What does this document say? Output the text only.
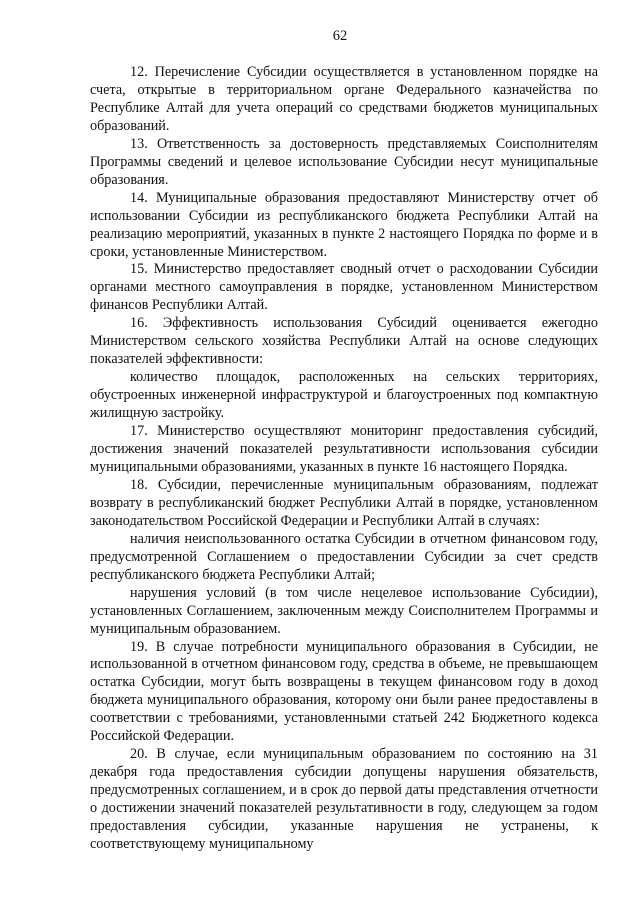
62

12. Перечисление Субсидии осуществляется в установленном порядке на счета, открытые в территориальном органе Федерального казначейства по Республике Алтай для учета операций со средствами бюджетов муниципальных образований.

13. Ответственность за достоверность представляемых Соисполнителям Программы сведений и целевое использование Субсидии несут муниципальные образования.

14. Муниципальные образования предоставляют Министерству отчет об использовании Субсидии из республиканского бюджета Республики Алтай на реализацию мероприятий, указанных в пункте 2 настоящего Порядка по форме и в сроки, установленные Министерством.

15. Министерство предоставляет сводный отчет о расходовании Субсидии органами местного самоуправления в порядке, установленном Министерством финансов Республики Алтай.

16. Эффективность использования Субсидий оценивается ежегодно Министерством сельского хозяйства Республики Алтай на основе следующих показателей эффективности:

количество площадок, расположенных на сельских территориях, обустроенных инженерной инфраструктурой и благоустроенных под компактную жилищную застройку.

17. Министерство осуществляют мониторинг предоставления субсидий, достижения значений показателей результативности использования субсидии муниципальными образованиями, указанных в пункте 16 настоящего Порядка.

18. Субсидии, перечисленные муниципальным образованиям, подлежат возврату в республиканский бюджет Республики Алтай в порядке, установленном законодательством Российской Федерации и Республики Алтай в случаях:

наличия неиспользованного остатка Субсидии в отчетном финансовом году, предусмотренной Соглашением о предоставлении Субсидии за счет средств республиканского бюджета Республики Алтай;

нарушения условий (в том числе нецелевое использование Субсидии), установленных Соглашением, заключенным между Соисполнителем Программы и муниципальным образованием.

19. В случае потребности муниципального образования в Субсидии, не использованной в отчетном финансовом году, средства в объеме, не превышающем остатка Субсидии, могут быть возвращены в текущем финансовом году в доход бюджета муниципального образования, которому они были ранее предоставлены в соответствии с требованиями, установленными статьей 242 Бюджетного кодекса Российской Федерации.

20. В случае, если муниципальным образованием по состоянию на 31 декабря года предоставления субсидии допущены нарушения обязательств, предусмотренных соглашением, и в срок до первой даты представления отчетности о достижении значений показателей результативности в году, следующем за годом предоставления субсидии, указанные нарушения не устранены, к соответствующему муниципальному
